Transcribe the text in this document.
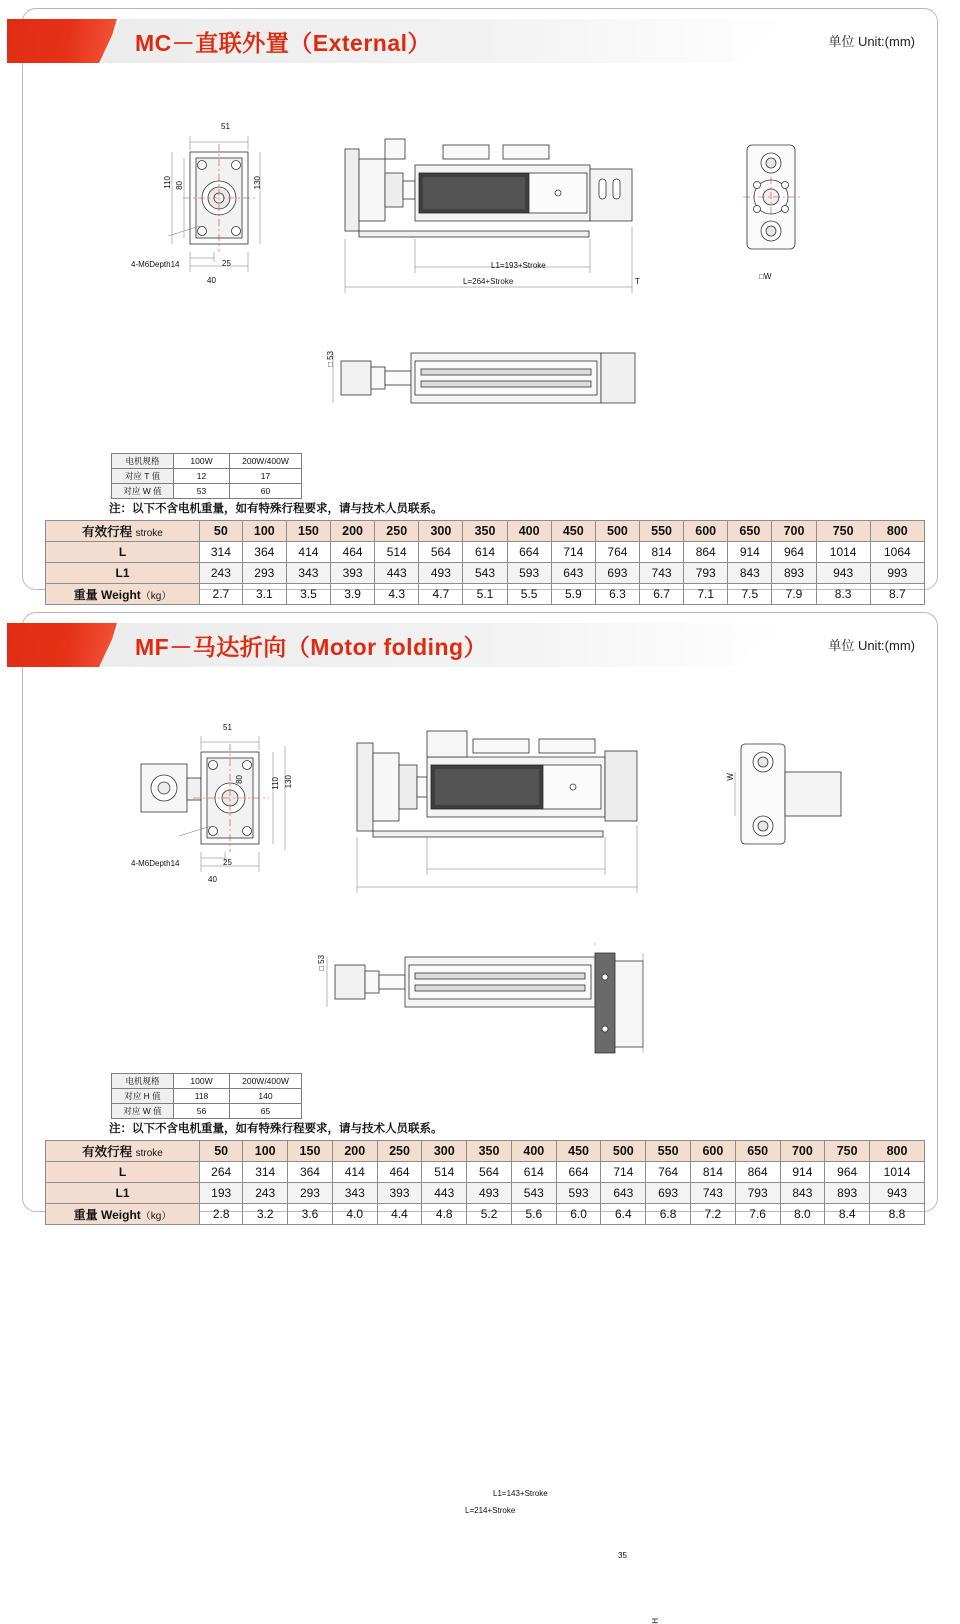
MC－直联外置（External）	单位 Unit:(mm)
51
110 80	130
4-M6Depth14	25
40
L1=193+Stroke
L=264+Stroke	T
□W
□53
电机规格	100W	200W/400W
对应 T 值	12	17
对应 W 值	53	60
注：以下不含电机重量，如有特殊行程要求，请与技术人员联系。
有效行程 stroke	50	100	150	200	250	300	350	400	450	500	550	600	650	700	750	800
L	314	364	414	464	514	564	614	664	714	764	814	864	914	964	1014	1064
L1	243	293	343	393	443	493	543	593	643	693	743	793	843	893	943	993
重量 Weight（kg）	2.7	3.1	3.5	3.9	4.3	4.7	5.1	5.5	5.9	6.3	6.7	7.1	7.5	7.9	8.3	8.7
MF－马达折向（Motor folding）	单位 Unit:(mm)
51
80	110 130
4-M6Depth14	25
40
L1=143+Stroke
L=214+Stroke
W
□53
35
H
电机规格	100W	200W/400W
对应 H 值	118	140
对应 W 值	56	65
注：以下不含电机重量，如有特殊行程要求，请与技术人员联系。
有效行程 stroke	50	100	150	200	250	300	350	400	450	500	550	600	650	700	750	800
L	264	314	364	414	464	514	564	614	664	714	764	814	864	914	964	1014
L1	193	243	293	343	393	443	493	543	593	643	693	743	793	843	893	943
重量 Weight（kg）	2.8	3.2	3.6	4.0	4.4	4.8	5.2	5.6	6.0	6.4	6.8	7.2	7.6	8.0	8.4	8.8
